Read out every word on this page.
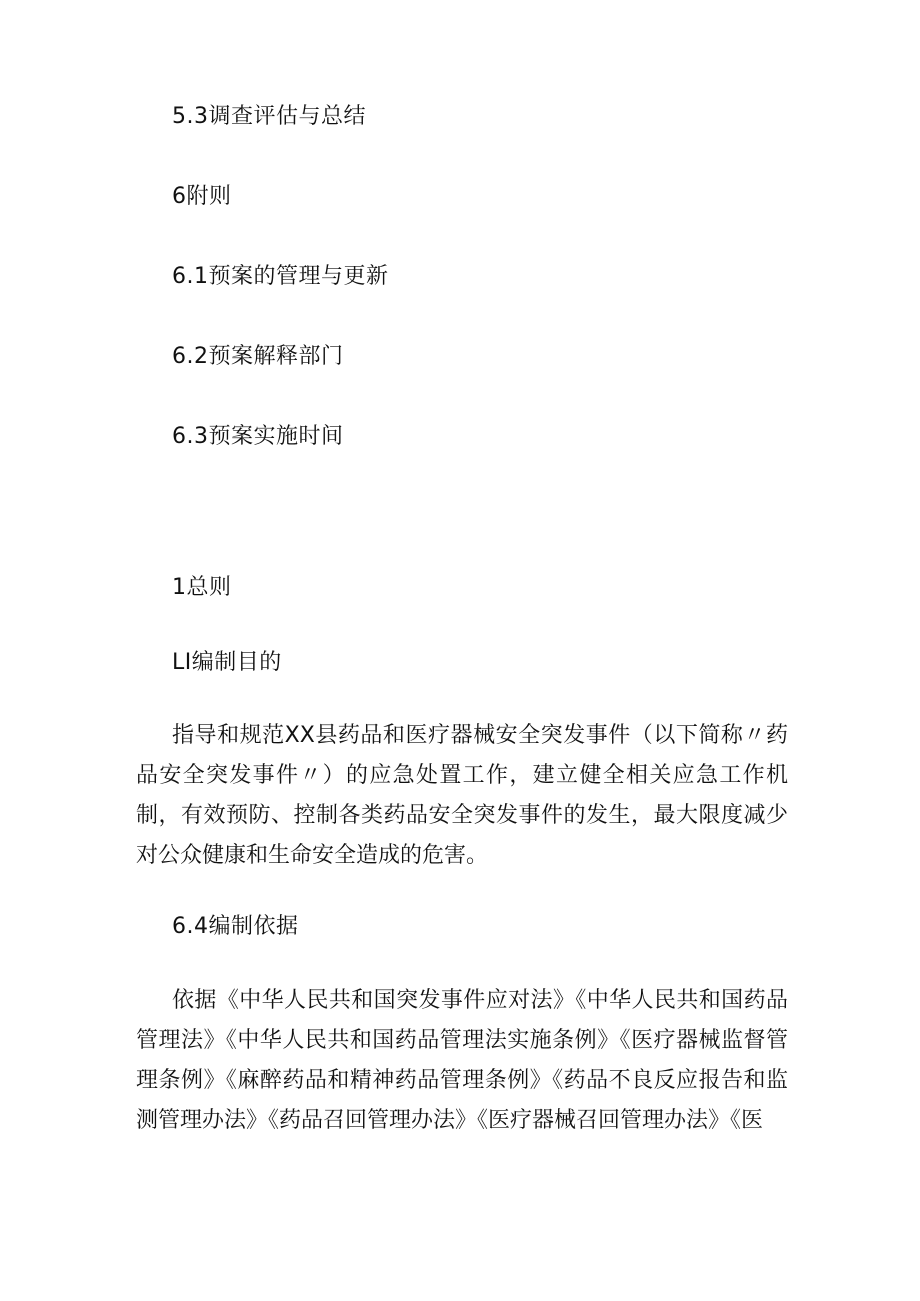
5.3调查评估与总结
6附则
6.1预案的管理与更新
6.2预案解释部门
6.3预案实施时间
1总则
LI编制目的
指导和规范XX县药品和医疗器械安全突发事件（以下简称〃药品安全突发事件〃）的应急处置工作，建立健全相关应急工作机制，有效预防、控制各类药品安全突发事件的发生，最大限度减少对公众健康和生命安全造成的危害。
6.4编制依据
依据《中华人民共和国突发事件应对法》《中华人民共和国药品管理法》《中华人民共和国药品管理法实施条例》《医疗器械监督管理条例》《麻醉药品和精神药品管理条例》《药品不良反应报告和监测管理办法》《药品召回管理办法》《医疗器械召回管理办法》《医
